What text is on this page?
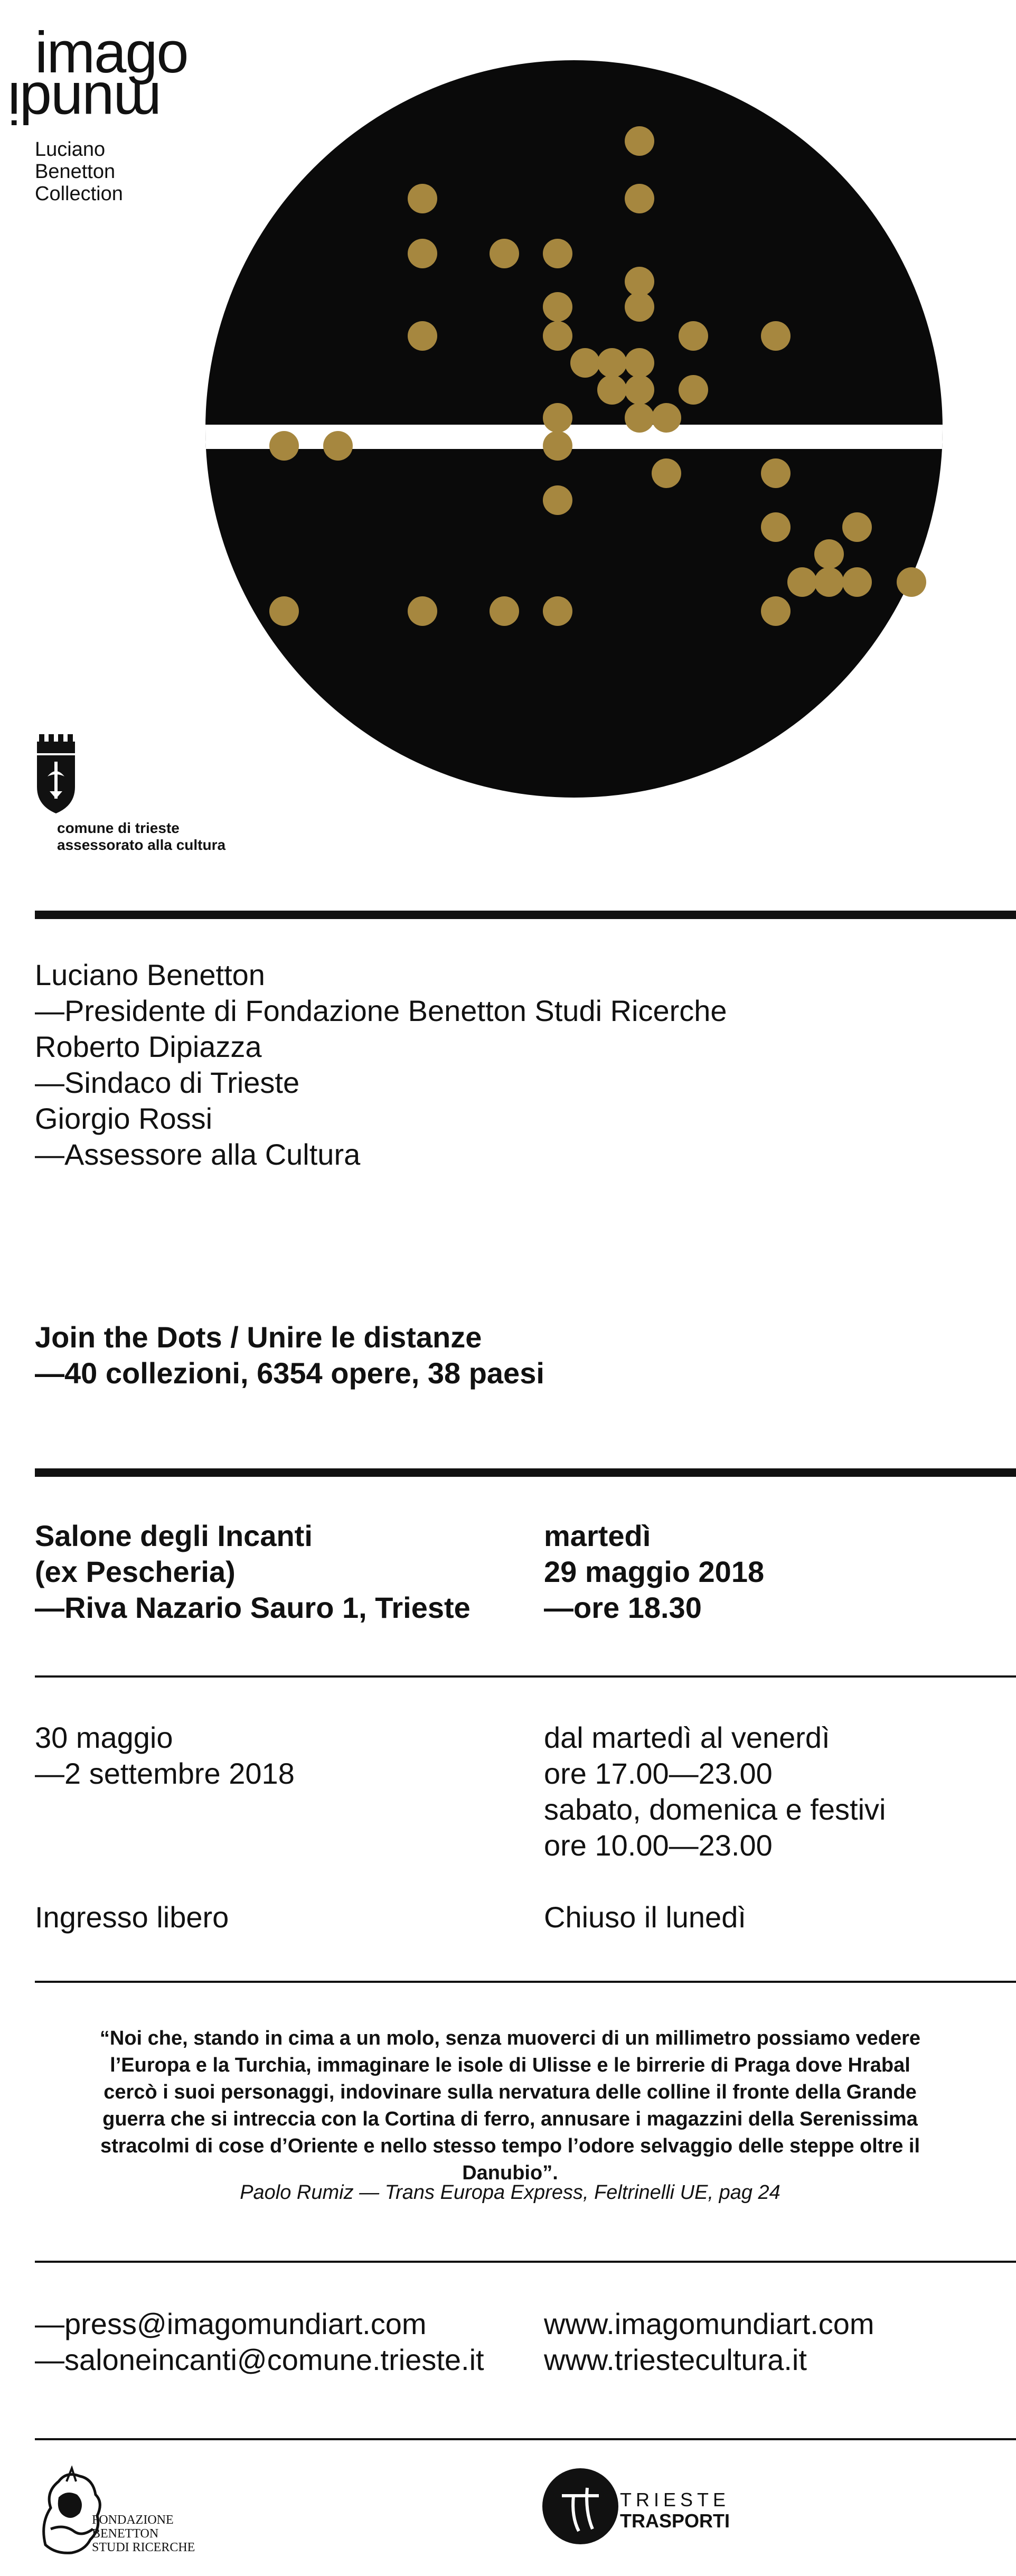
imago
mundi
Luciano
Benetton
Collection
comune di trieste
assessorato alla cultura
Luciano Benetton
—Presidente di Fondazione Benetton Studi Ricerche
Roberto Dipiazza
—Sindaco di Trieste
Giorgio Rossi
—Assessore alla Cultura
Join the Dots / Unire le distanze
—40 collezioni, 6354 opere, 38 paesi
Salone degli Incanti
(ex Pescheria)
—Riva Nazario Sauro 1, Trieste
martedì
29 maggio 2018
—ore 18.30
30 maggio
—2 settembre 2018
dal martedì al venerdì
ore 17.00—23.00
sabato, domenica e festivi
ore 10.00—23.00
Ingresso libero	Chiuso il lunedì
“Noi che, stando in cima a un molo, senza muoverci di un millimetro possiamo vedere l’Europa e la Turchia, immaginare le isole di Ulisse e le birrerie di Praga dove Hrabal cercò i suoi personaggi, indovinare sulla nervatura delle colline il fronte della Grande guerra che si intreccia con la Cortina di ferro, annusare i magazzini della Serenissima stracolmi di cose d’Oriente e nello stesso tempo l’odore selvaggio delle steppe oltre il Danubio”.
Paolo Rumiz — Trans Europa Express, Feltrinelli UE, pag 24
—press@imagomundiart.com
—saloneincanti@comune.trieste.it
www.imagomundiart.com
www.triestecultura.it
FONDAZIONE
BENETTON
STUDI RICERCHE
TRIESTE
TRASPORTI
